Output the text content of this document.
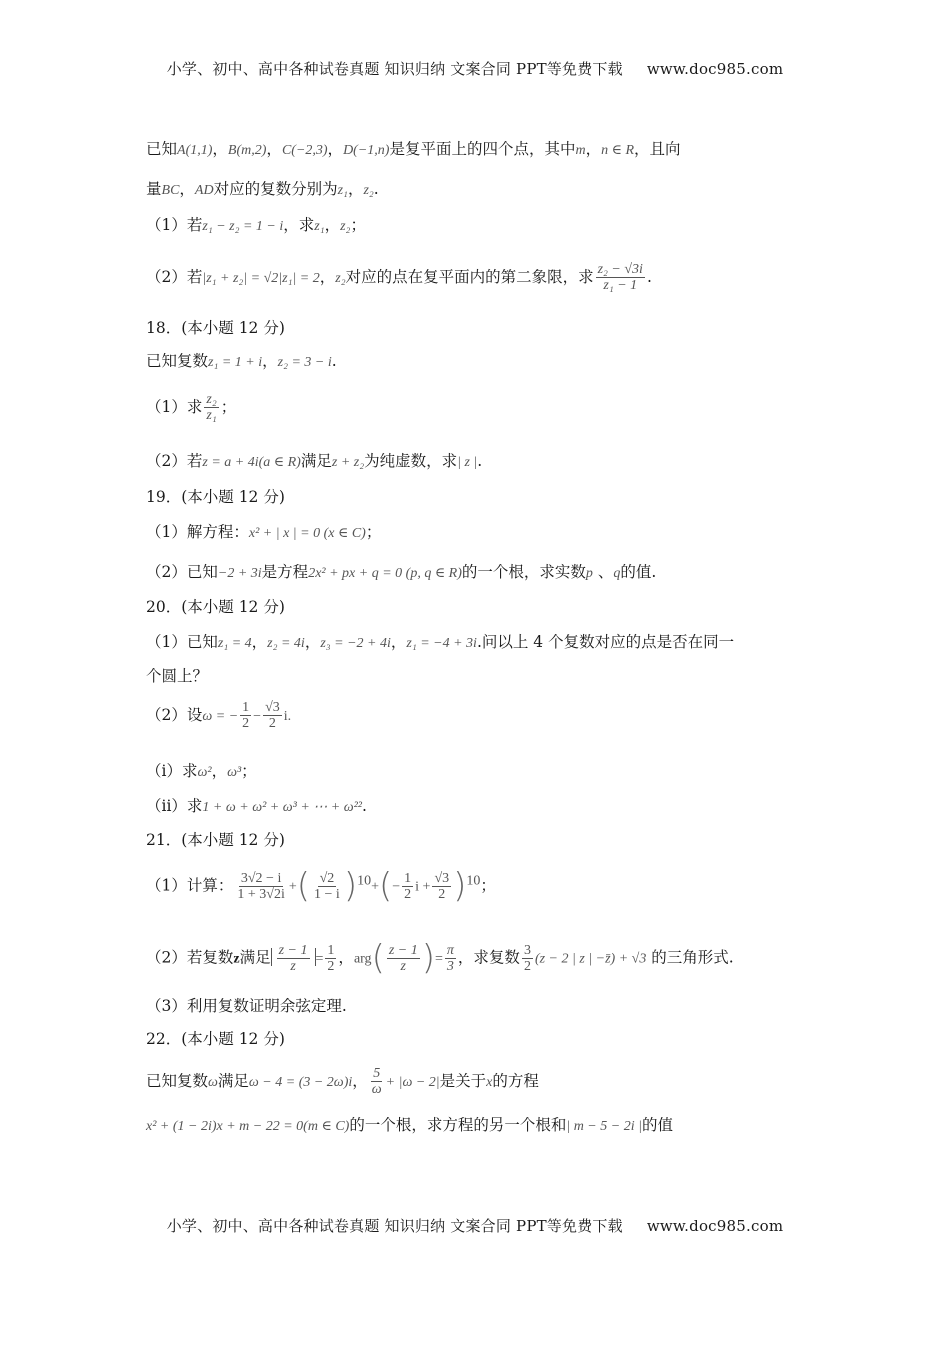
小学、初中、高中各种试卷真题 知识归纳 文案合同 PPT等免费下载 www.doc985.com
已知A(1,1)，B(m,2)，C(−2,3)，D(−1,n)是复平面上的四个点，其中m，n ∈ R，且向
量BC，AD对应的复数分别为z₁，z₂.
（1）若z₁ − z₂ = 1 − i，求z₁，z₂；
（2）若|z₁ + z₂| = √2|z₁| = 2，z₂对应的点在复平面内的第二象限，求 $\frac{\text{z₂ − √3i}}{\text{z₁ − 1}}$ .
18．(本小题 12 分)
已知复数z₁ = 1 + i，z₂ = 3 − i.
（1）求 $\frac{\text{z₂}}{\text{z₁}}$ ；
（2）若z = a + 4i(a ∈ R)满足z + z₂为纯虚数，求| z |.
19．(本小题 12 分)
（1）解方程：x² + | x | = 0 (x ∈ C)；
（2）已知−2 + 3i是方程2x² + px + q = 0 (p, q ∈ R)的一个根，求实数p 、q的值.
20．(本小题 12 分)
（1）已知z₁ = 4，z₂ = 4i，z₃ = −2 + 4i，z₁ = −4 + 3i.问以上 4 个复数对应的点是否在同一
个圆上？
（2）设ω = − $\frac{1}{2} - \frac{√3}{2} i$.
（i）求ω²，ω³；
（ii）求1 + ω + ω² + ω³ + ⋯ + ω²².
21．(本小题 12 分)
（1）计算： $\frac{3√2 - i}{1 + 3√2i}$ +( $\frac{√2}{1 - i} )^{10}+(- \frac{1}{2}$ $i + \frac{√3}{2} )^{10}$；
（2）若复数z满足 $\frac{z - 1}{z} = \frac{1}{2}$ ，$arg( \frac{z - 1}{z}$ )= $\frac{\pi}{3}$ ，求复数 $\frac{3}{2} (z - 2$ | z | −z̄) + √3 的三角形式.
（3）利用复数证明余弦定理.
22．(本小题 12 分)
已知复数ω满足ω − 4 = (3 − 2ω)i， $\frac{5}{\omega} + |\omega - 2|$是关于x的方程
x² + (1 − 2i)x + m − 22 = 0(m ∈ C)的一个根，求方程的另一个根和| m − 5 − 2i |的值
小学、初中、高中各种试卷真题 知识归纳 文案合同 PPT等免费下载 www.doc985.com
